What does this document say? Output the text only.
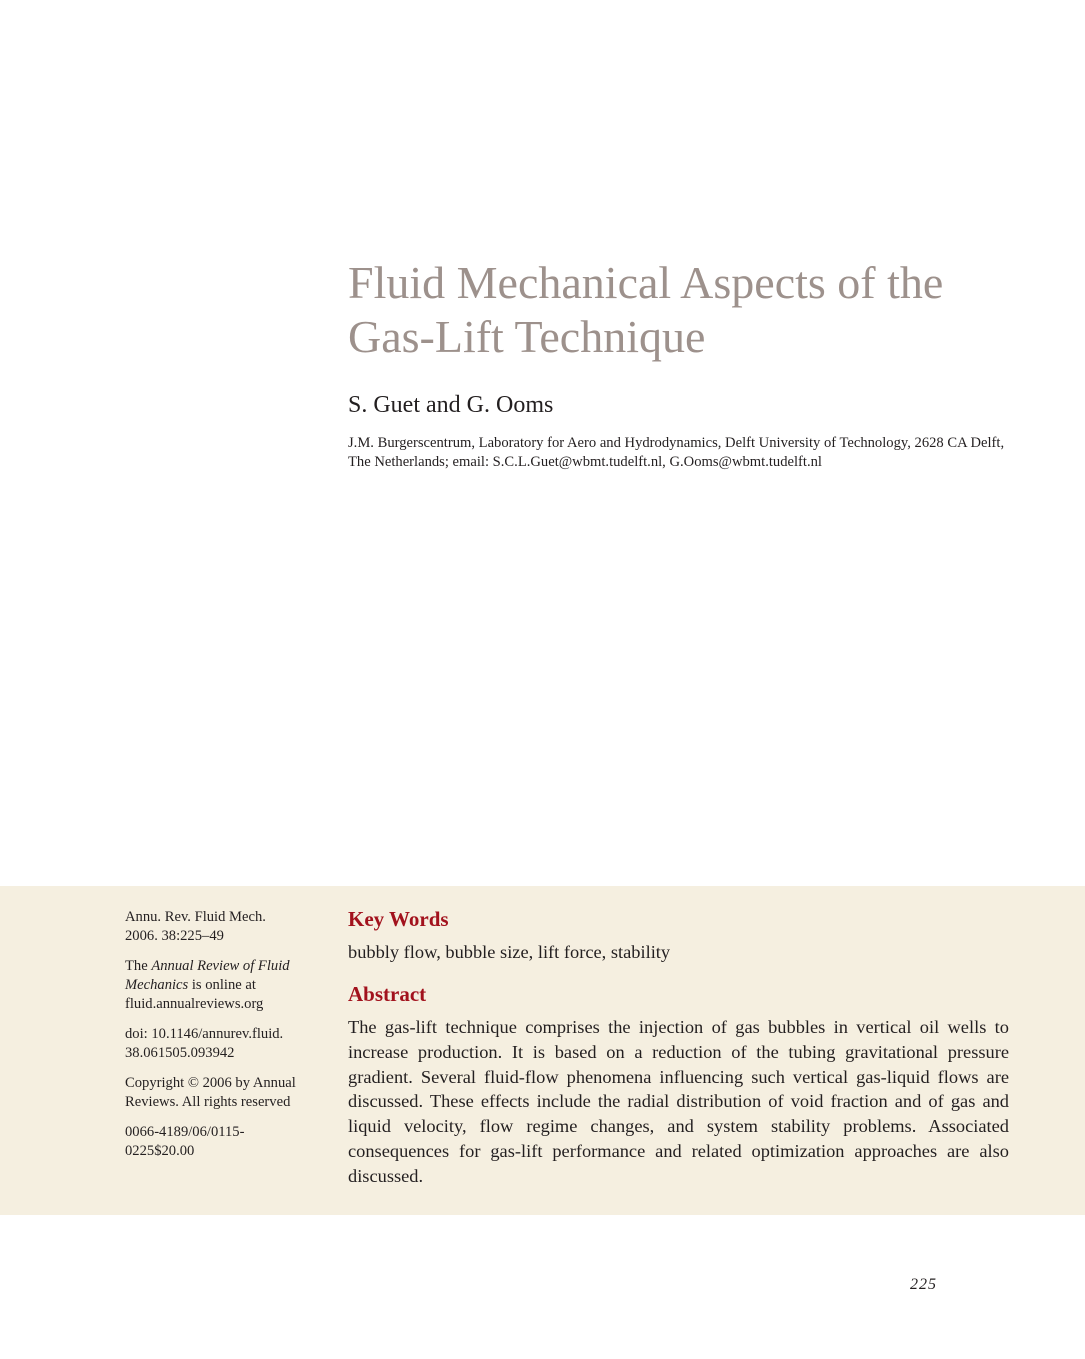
Fluid Mechanical Aspects of the
Gas-Lift Technique
S. Guet and G. Ooms
J.M. Burgerscentrum, Laboratory for Aero and Hydrodynamics, Delft University of Technology, 2628 CA Delft, The Netherlands; email: S.C.L.Guet@wbmt.tudelft.nl, G.Ooms@wbmt.tudelft.nl

Annu. Rev. Fluid Mech.
2006. 38:225–49

The Annual Review of Fluid Mechanics is online at fluid.annualreviews.org

doi: 10.1146/annurev.fluid.
38.061505.093942

Copyright © 2006 by Annual Reviews. All rights reserved

0066-4189/06/0115-
0225$20.00

Key Words
bubbly flow, bubble size, lift force, stability
Abstract

The gas-lift technique comprises the injection of gas bubbles in vertical oil wells to increase production. It is based on a reduction of the tubing gravitational pressure gradient. Several fluid-flow phenomena influencing such vertical gas-liquid flows are discussed. These effects include the radial distribution of void fraction and of gas and liquid velocity, flow regime changes, and system stability problems. Associated consequences for gas-lift performance and related optimization approaches are also discussed.

225
